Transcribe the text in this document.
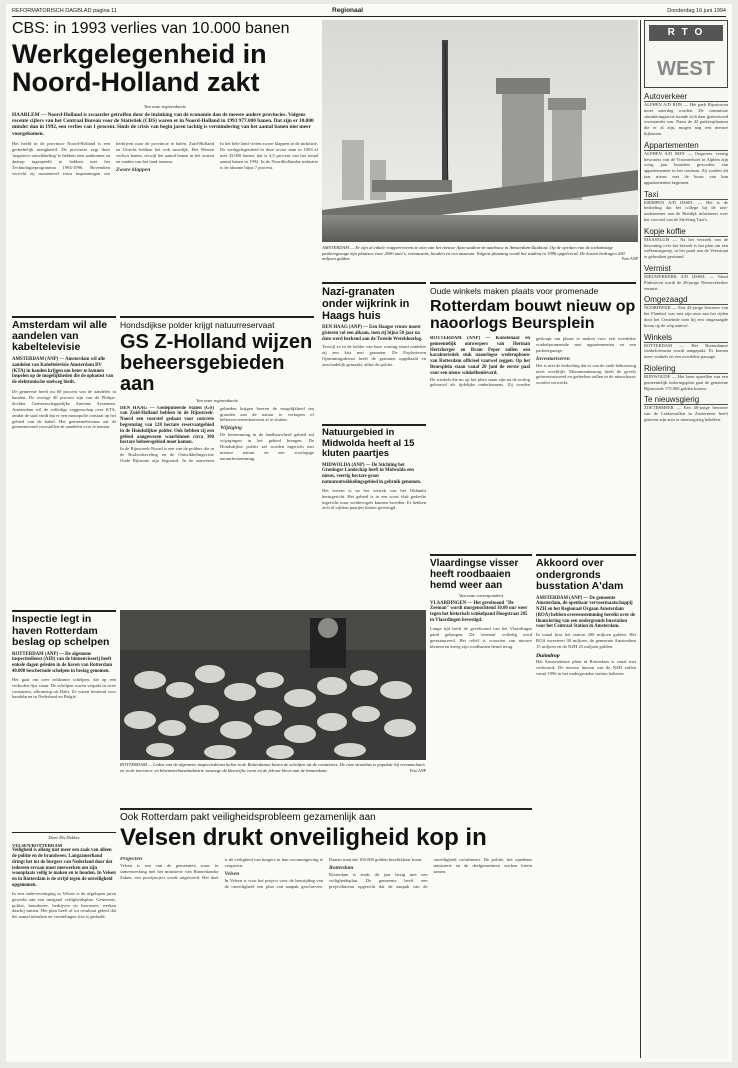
REFORMATORISCH DAGBLAD pagina 11	Regionaal	Donderdag 16 juni 1994
CBS: in 1993 verlies van 10.000 banen
Werkgelegenheid in Noord-Holland zakt
Van onze regioredactie
HAARLEM — Noord-Holland is zwaarder getroffen door de inzinking van de economie dan de meeste andere provincies. Volgens recente cijfers van het Centraal Bureau voor de Statistiek (CBS) waren er in Noord-Holland in 1993 977.000 banen. Dat zijn er 10.000 minder dan in 1992, een verlies van 1 procent. Sinds de crisis van begin jaren tachtig is vermindering van het aantal banen niet meer voorgekomen.
Het beeld in de provincie Noord-Holland is een gedeeltelijk mengbeeld. De provincie zegt deze 'negatieve ontwikkeling' te hebben zien aankomen en daarop ingespeeld te hebben met het Technologieprogramma 1994-1996. Bovendien verricht zij momenteel extra inspanningen om bedrijven naar de provincie te halen. Zuid-Holland en Utrecht hebben het ook moeilijk. Het Westen verloor banen, terwijl het aantal banen in het oosten en zuiden van het land toenam.
Zware klappen
In het hele land vielen zware klappen in de industrie. De werkgelegenheid in deze sector nam in 1993 af met 43.000 banen, dat is 4,5 procent van het totaal aantal banen in 1992. In de Noordhollandse industrie is de afname bijna 7 procent.
AMSTERDAM — Er zijn al enkele trappen-torens te zien van het nieuwe Ajax-stadion-in-aanbouw in Amsterdam-Zuidoost. Op de opritten van de toekomstige parkeergarage zijn plaatsen voor 2000 auto's, restaurants, kiosken en een museum. Volgens planning wordt het stadion in 1996 opgeleverd. De kosten bedragen 200 miljoen gulden.	Foto ANP
R T O
WEST
Autoverkeer
ALPHEN A/D RIJN — Het park Rijnstroom moet zaterdag worden. De commissie stimuleringsactie toonde zich daar gisteravond voorstander van. Naast de 42 parkeerplaatsen die er al zijn, mogen nog een nieuwe bijkomen.
Appartementen
ALPHEN A/D RIJN — Ongeveer veertig bewoners van de Vroonterhoef in Alphen zijn vorig jaar huurders geworden van appartementen in het centrum. Zij zouden dit jaar nieuw met de bouw van hun appartementen beginnen.
Taxi
KRIMPEN A/D IJSSEL — Het is de bedoeling dat het college bij de taxi-ondernemer aan de Rietdijk informeert over het voorstel van de Stichting Taxi's.
Kopje koffie
MAASSLUIS — Na het verzoek van de bewoning over het bezoek is het plan om een welkomstgroep, in het pand aan de Veerstraat te gebruiken gesteund.
Vermist
NIEUWERKERK A/D IJSSEL — Vanaf Pinksteren wordt de 28-jarige Nieuwerkerker vermist.
Omgezaagd
NOORDWIJK — Een 43-jarige bewoner van het Flambof was met zijn auto aan het rijden door het Oosteinde toen hij een omgezaagde boom op de weg aantrof.
Winkels
ROTTERDAM — Het Rotterdamse winkelcentrum wordt aangepakt. Er komen meer winkels en een overdekte passage.
Riolering
RIJNWOUDE — Het laten opstellen van een gemeentelijk rioleringsplan gaat de gemeente Rijnwoude 175.000 gulden kosten.
Te nieuwsgierig
ZOETERMEER — Een 48-jarige bewoner van de Leidsewallen in Zoetermeer heeft gisteren zijn auto te nieuwsgierig bekeken.
Amsterdam wil alle aandelen van kabeltelevisie
AMSTERDAM (ANP) — Amsterdam wil alle aandelen van Kabeltelevisie Amsterdam BV (KTA) in handen krijgen om beter te kunnen inspelen op de mogelijkheden die de opkomst van de elektronische snelweg biedt.
De gemeente heeft nu 60 procent van de aandelen in handen. De overige 40 procent zijn van de Philips-dochter Gemeenschappelijke Antenne Systemen. Amsterdam wil de volledige zeggenschap over KTA, omdat de stad vindt dat er een monopolie ontstaat op het gebied van de kabel. Het gemeentebestuur zal de gemeenteraad voorstellen de aandelen over te nemen.
Hondsdijkse polder krijgt natuurreservaat
GS Z-Holland wijzen beheersgebieden aan
Van onze regioredactie
DEN HAAG — Gedeputeerde Staten (GS) van Zuid-Holland hebben in de Rijnstreek-Noord een voorstel gedaan voor concrete begrenzing van 128 hectare reservaatgebied in de Hondsdijkse polder. Ook hebben zij een gebied aangewezen waarbinnen circa 300 hectare beheersgebied moet komen.
In de Rijnstreek-Noord is een van de polders die in de Ruilverkaveling en de Ontwikkelingsvisie Oude Rijnzone zijn begrensd. In de aanwezen gebieden krijgen boeren de mogelijkheid om gronden aan de natuur te verkopen of beheersovereenkomsten af te sluiten.
Wijziging
De bestemming in de landbouwheid gebied zal wijzigingen in het gebied brengen. De Hondsdijkse polder zal worden ingericht met nieuwe natuur en een voorlopige natuurbestemming.
Nazi-granaten onder wijkrink in Haags huis
DEN HAAG (ANP) — Een Haagse vrouw moest gisteren vol een alkaan, toen zij bijna 50 jaar na dato werd herkend aan de Tweede Wereldoorlog.
Terwijl ze in de kelder van haar woning stond ontdekte zij een kist met granaten. De Explosieven Opruimingsdienst heeft de granaten opgehaald en onschadelijk gemaakt, aldus de politie.
Natuurgebied in Midwolda heeft al 15 kluten paartjes
MIDWOLDA (ANP) — De Stichting het Groninger Landschap heeft in Midwolda een nieuw, veertig hectare groot natuurontwikkelingsgebied in gebruik genomen.
Het terrein is na het vertrek van het Oldambt heringericht. Het gebied is in een soort vlak gedeelte ingericht waar weidevogels kunnen broeden. Er hebben zich al vijftien paartjes kluten gevestigd.
Oude winkels maken plaats voor promenade
Rotterdam bouwt nieuw op naoorlogs Beursplein
ROTTERDAM (ANP) — Kunstenaar en gemeentelijk ontwerpers van Herman Hertzberger en Bram Peper zullen een karakteristiek stuk naoorlogse wederopbouw van Rotterdam officieel vaarwel zeggen. Op het Beursplein staan vanaf 20 juni de eerste paal voor een nieuw winkelboulevard.
De winkels die nu op het plein staan zijn na de oorlog gebouwd als tijdelijke onderkomens. Zij worden gesloopt om plaats te maken voor een overdekte winkelpromenade met appartementen en een parkeergarage.
Inventariseren
Het is niet de bedoeling dat er van de oude bebouwing niets overblijft. Monumentenzorg heeft de gevels geïnventariseerd en gedeelten zullen in de nieuwbouw worden verwerkt.
Vlaardingse visser heeft roodbaaien hemd weer aan
Van onze correspondent
VLAARDINGEN — Het geveltoond "De Zeeman" wordt morgenochtend 10.00 uur weer tegen het historisch winkelpand Hoogstraat 205 in Vlaardingen bevestigd.
Lange tijd heeft de geveltoond van het Vlaardingse pand gehangen. De 'zeeman' volledig werd gerestaureerd. Het reliëf is voorzien van nieuwe kleuren en kreeg zijn roodbaaien hemd terug.
Akkoord over ondergronds busstation A'dam
AMSTERDAM (ANP) — De gemeente Amsterdam, de openbaar vervoermaatschappij NZH en het Regionaal Orgaan Amsterdam (ROA) hebben overeenstemming bereikt over de financiering van een ondergronds busstation voor het Centraal Station in Amsterdam.
In totaal kost het station 200 miljoen gulden. Het ROA investeert 90 miljoen, de gemeente Amsterdam 15 miljoen en de NZH 25 miljoen gulden.
Duimdrop
Het Amsterdamse plein in Rotterdam is vanaf mei verbouwd. De nieuwe bussen van de NZH zullen vanaf 1996 in het ondergrondse station halteren.
Inspectie legt in haven Rotterdam beslag op schelpen
ROTTERDAM (ANP) — De algemene inspectiedienst (AID) van de binnenvisserij heeft enkele dagen geleden in de haven van Rotterdam 40.000 beschermde schelpen in beslag genomen.
Het gaat om zeer zeldzame schelpen, die op een verboden lijst staan. De schelpen waren verpakt in twee containers, afkomstig uit Haïti. Ze waren bestemd voor handelaren in Nederland en België.
ROTTERDAM — Leden van de algemene inspectiedienst halen in de Rotterdamse haven de schelpen uit de containers. De roze strombus is populair bij verzamelaars en in de toeristen- en bloemsierkunstindustrie vanwege de kleurrijke vorm en de felroze kleur aan de binnenkant.	Foto ANP
Door Els Dekker
VELSEN/ROTTERDAM
Veiligheid is allang niet meer een zaak van alleen de politie en de brandweer. Langzamerhand dringt het tot de burgers van Nederland door dat iedereen ervaan moet meewerken om zijn woonplaats veilig te maken en te houden. In Velsen en in Rotterdam is de strijd tegen de onveiligheid opgenomen.
In een oudervereniging in Velsen is de afgelopen jaren gewerkt aan een integraal veiligheidsplan. Gemeente, politie, brandweer, bedrijven en bewoners werken daarbij samen. Het plan heeft al tot resultaat geleid dat het aantal inbraken en vernielingen fors is gedaald.
Ook Rotterdam pakt veiligheidsprobleem gezamenlijk aan
Velsen drukt onveiligheid kop in
Projecten
Velsen is een van de gemeenten waar, in samenwerking met het ministerie van Binnenlandse Zaken, een proefproject wordt uitgevoerd. Het doel is de veiligheid van burgers in hun woonomgeving te vergroten.
Velsen
In Velsen is voor het project voor de bestrijding van de onveiligheid een plan van aanpak geschreven. Daarin staat dat 100.000 gulden beschikbaar komt.
Rotterdam
Rotterdam is sinds dit jaar bezig met een veiligheidsplan. De gemeente heeft een projectbureau opgericht dat de aanpak van de onveiligheid coördineert. De politie, het openbaar ministerie en de deelgemeenten werken hierin samen.
